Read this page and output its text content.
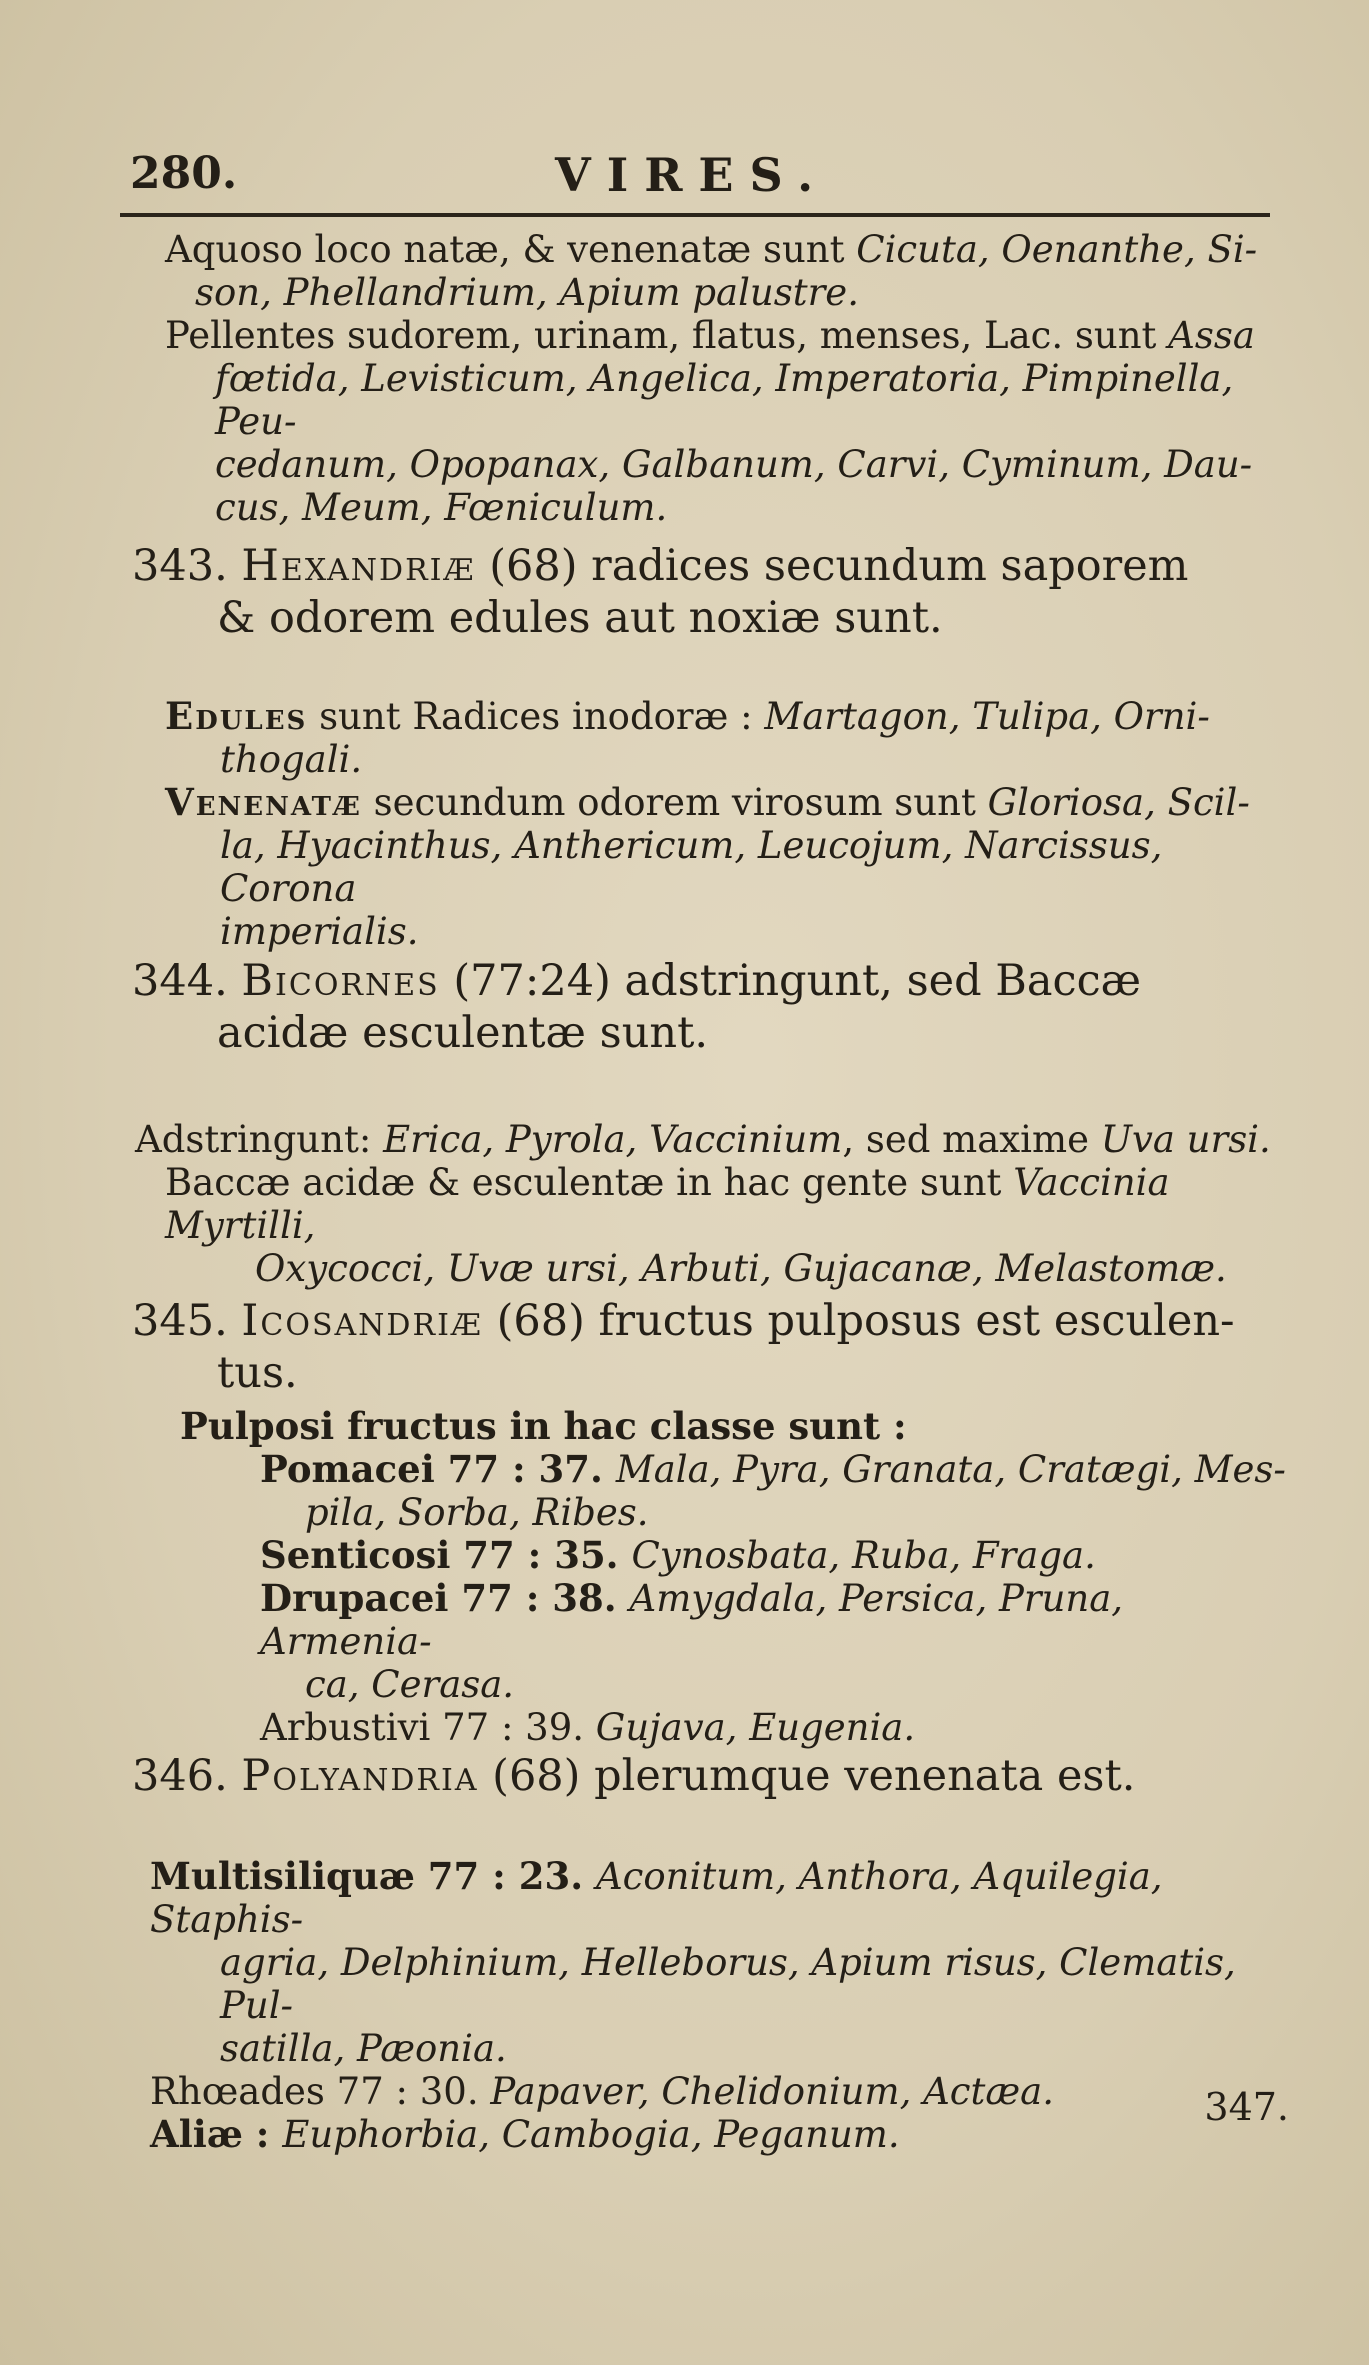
280.	VIRES.
Aquoso loco natæ, & venenatæ sunt Cicuta, Oenanthe, Si-
son, Phellandrium, Apium palustre.
Pellentes sudorem, urinam, flatus, menses, Lac. sunt Assa
fœtida, Levisticum, Angelica, Imperatoria, Pimpinella, Peu-
cedanum, Opopanax, Galbanum, Carvi, Cyminum, Dau-
cus, Meum, Fœniculum.
343. Hexandriæ (68) radices secundum saporem
& odorem edules aut noxiæ sunt.
Edules sunt Radices inodoræ : Martagon, Tulipa, Orni-
thogali.
Venenatæ secundum odorem virosum sunt Gloriosa, Scil-
la, Hyacinthus, Anthericum, Leucojum, Narcissus, Corona
imperialis.
344. Bicornes (77:24) adstringunt, sed Baccæ
acidæ esculentæ sunt.
Adstringunt: Erica, Pyrola, Vaccinium, sed maxime Uva ursi.
Baccæ acidæ & esculentæ in hac gente sunt Vaccinia Myrtilli,
Oxycocci, Uvæ ursi, Arbuti, Gujacanæ, Melastomæ.
345. Icosandriæ (68) fructus pulposus est esculen-
tus.
Pulposi fructus in hac classe sunt :
Pomacei 77 : 37. Mala, Pyra, Granata, Cratægi, Mes-
pila, Sorba, Ribes.
Senticosi 77 : 35. Cynosbata, Ruba, Fraga.
Drupacei 77 : 38. Amygdala, Persica, Pruna, Armenia-
ca, Cerasa.
Arbustivi 77 : 39. Gujava, Eugenia.
346. Polyandria (68) plerumque venenata est.
Multisiliquæ 77 : 23. Aconitum, Anthora, Aquilegia, Staphis-
agria, Delphinium, Helleborus, Apium risus, Clematis, Pul-
satilla, Pæonia.
Rhœades 77 : 30. Papaver, Chelidonium, Actæa.
Aliæ : Euphorbia, Cambogia, Peganum.
347.
